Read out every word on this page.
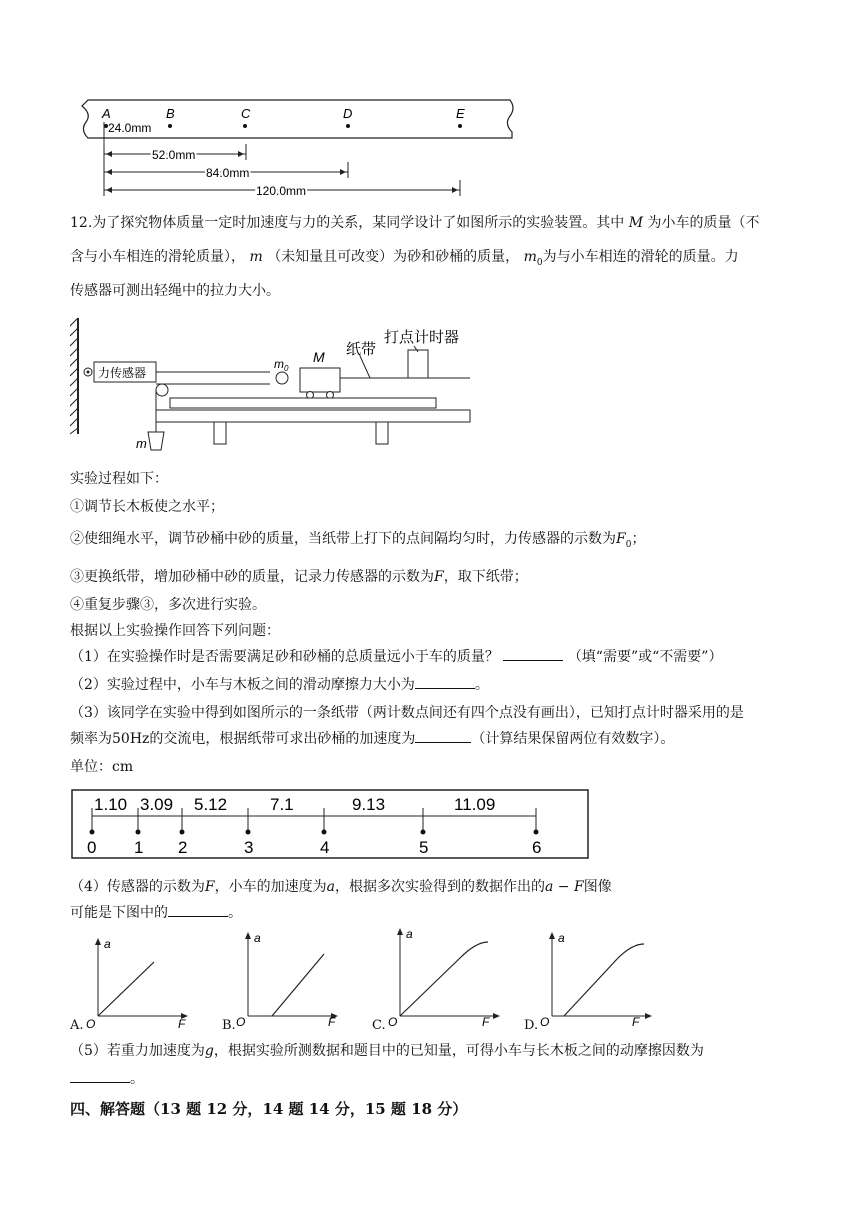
A	B	C	D	E
24.0mm
52.0mm
84.0mm
120.0mm
12.为了探究物体质量一定时加速度与力的关系，某同学设计了如图所示的实验装置。其中 M 为小车的质量（不
含与小车相连的滑轮质量）， m （未知量且可改变）为砂和砂桶的质量， $m_0$为与小车相连的滑轮的质量。力
传感器可测出轻绳中的拉力大小。
力传感器
$m_0$
M 纸带
打点计时器
m
实验过程如下：
①调节长木板使之水平；
②使细绳水平，调节砂桶中砂的质量，当纸带上打下的点间隔均匀时，力传感器的示数为$F_0$；
③更换纸带，增加砂桶中砂的质量，记录力传感器的示数为F，取下纸带；
④重复步骤③，多次进行实验。
根据以上实验操作回答下列问题：
（1）在实验操作时是否需要满足砂和砂桶的总质量远小于车的质量？	（填“需要”或“不需要”）
（2）实验过程中，小车与木板之间的滑动摩擦力大小为	。
（3）该同学在实验中得到如图所示的一条纸带（两计数点间还有四个点没有画出），已知打点计时器采用的是
频率为50Hz的交流电，根据纸带可求出砂桶的加速度为	（计算结果保留两位有效数字）。
单位：cm
1.10 3.09 5.12	7.1	9.13	11.09
0 1 2	3	4	5	6
（4）传感器的示数为F，小车的加速度为a，根据多次实验得到的数据作出的a − F图像
可能是下图中的	。
A.
a
O	F	B.
a
O	F	C.
a
O	F	D.
a
O	F
（5）若重力加速度为g，根据实验所测数据和题目中的已知量，可得小车与长木板之间的动摩擦因数为
。
四、解答题（13 题 12 分，14 题 14 分，15 题 18 分）
